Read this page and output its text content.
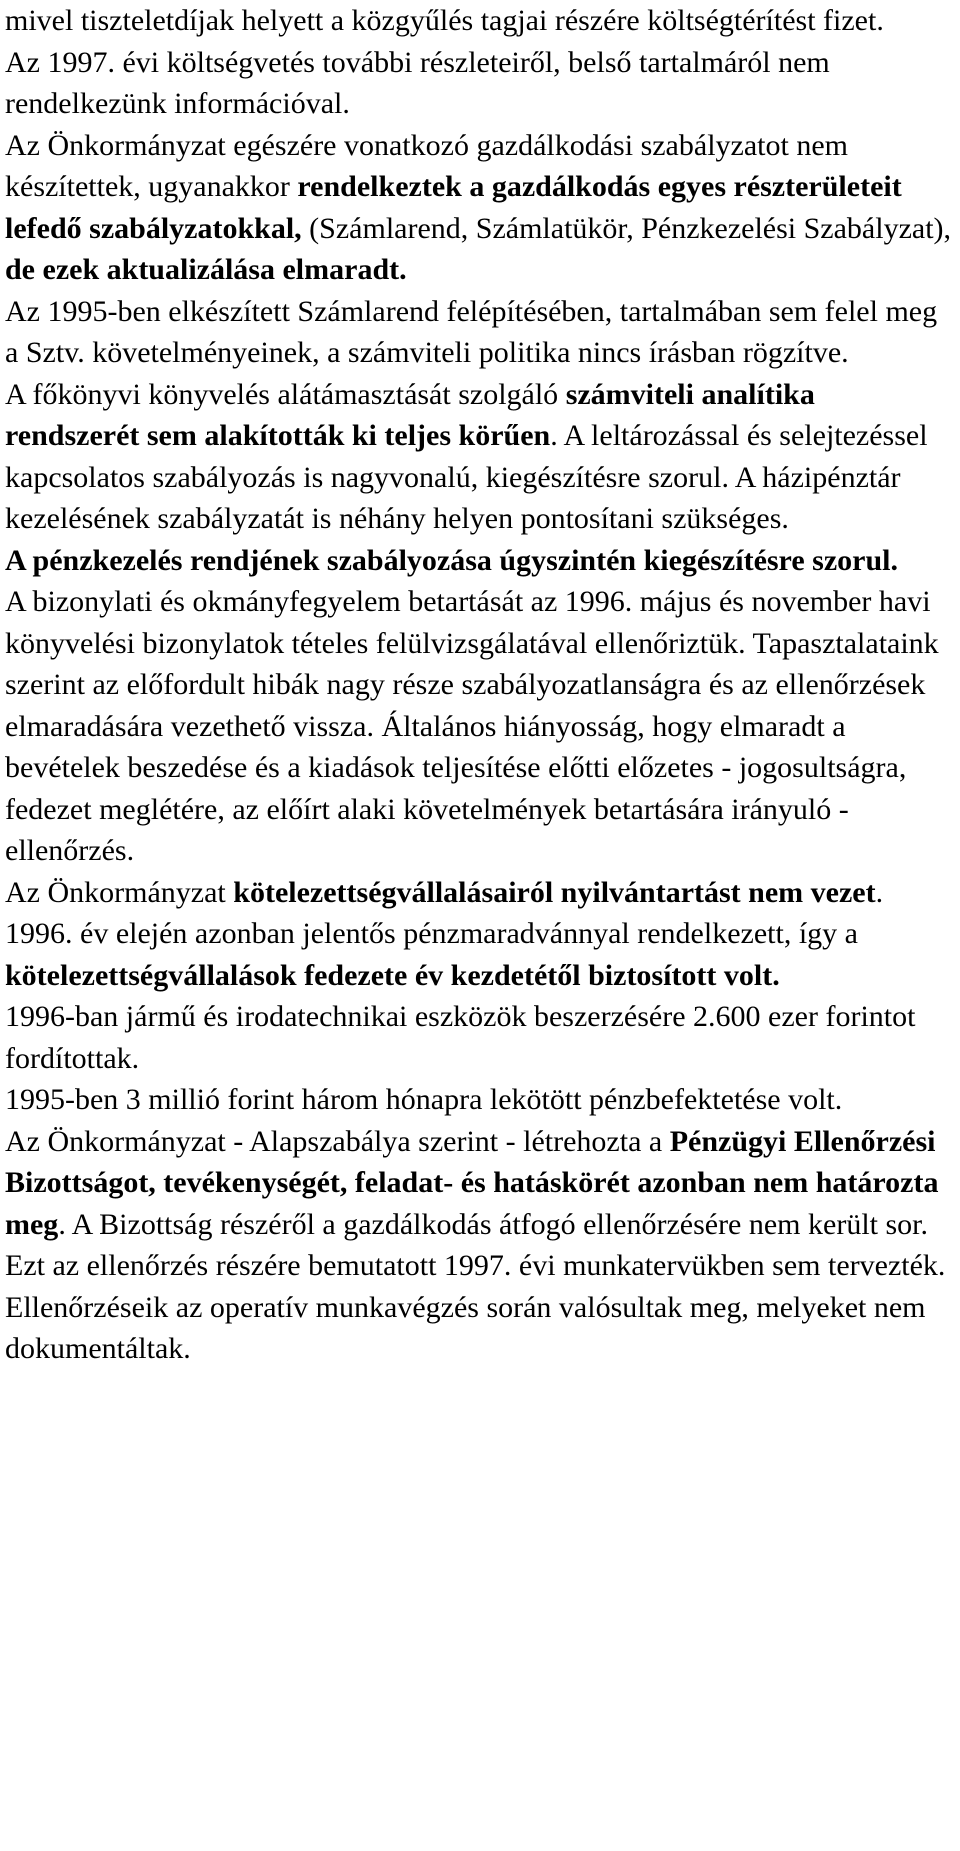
mivel tiszteletdíjak helyett a közgyűlés tagjai részére költségtérítést fizet.

Az 1997. évi költségvetés további részleteiről, belső tartalmáról nem rendelkezünk információval.

Az Önkormányzat egészére vonatkozó gazdálkodási szabályzatot nem készítettek, ugyanakkor rendelkeztek a gazdálkodás egyes részterületeit lefedő szabályzatokkal, (Számlarend, Számlatükör, Pénzkezelési Szabályzat), de ezek aktualizálása elmaradt.

Az 1995-ben elkészített Számlarend felépítésében, tartalmában sem felel meg a Sztv. követelményeinek, a számviteli politika nincs írásban rögzítve.

A főkönyvi könyvelés alátámasztását szolgáló számviteli analítika rendszerét sem alakították ki teljes körűen. A leltározással és selejtezéssel kapcsolatos szabályozás is nagyvonalú, kiegészítésre szorul. A házipénztár kezelésének szabályzatát is néhány helyen pontosítani szükséges.

A pénzkezelés rendjének szabályozása úgyszintén kiegészítésre szorul.

A bizonylati és okmányfegyelem betartását az 1996. május és november havi könyvelési bizonylatok tételes felülvizsgálatával ellenőriztük. Tapasztalataink szerint az előfordult hibák nagy része szabályozatlanságra és az ellenőrzések elmaradására vezethető vissza. Általános hiányosság, hogy elmaradt a bevételek beszedése és a kiadások teljesítése előtti előzetes - jogosultságra, fedezet meglétére, az előírt alaki követelmények betartására irányuló - ellenőrzés.

Az Önkormányzat kötelezettségvállalásairól nyilvántartást nem vezet. 1996. év elején azonban jelentős pénzmaradvánnyal rendelkezett, így a kötelezettségvállalások fedezete év kezdetétől biztosított volt.

1996-ban jármű és irodatechnikai eszközök beszerzésére 2.600 ezer forintot fordítottak.

1995-ben 3 millió forint három hónapra lekötött pénzbefektetése volt.

Az Önkormányzat - Alapszabálya szerint - létrehozta a Pénzügyi Ellenőrzési Bizottságot, tevékenységét, feladat- és hatáskörét azonban nem határozta meg. A Bizottság részéről a gazdálkodás átfogó ellenőrzésére nem került sor. Ezt az ellenőrzés részére bemutatott 1997. évi munkatervükben sem tervezték.

Ellenőrzéseik az operatív munkavégzés során valósultak meg, melyeket nem dokumentáltak.
